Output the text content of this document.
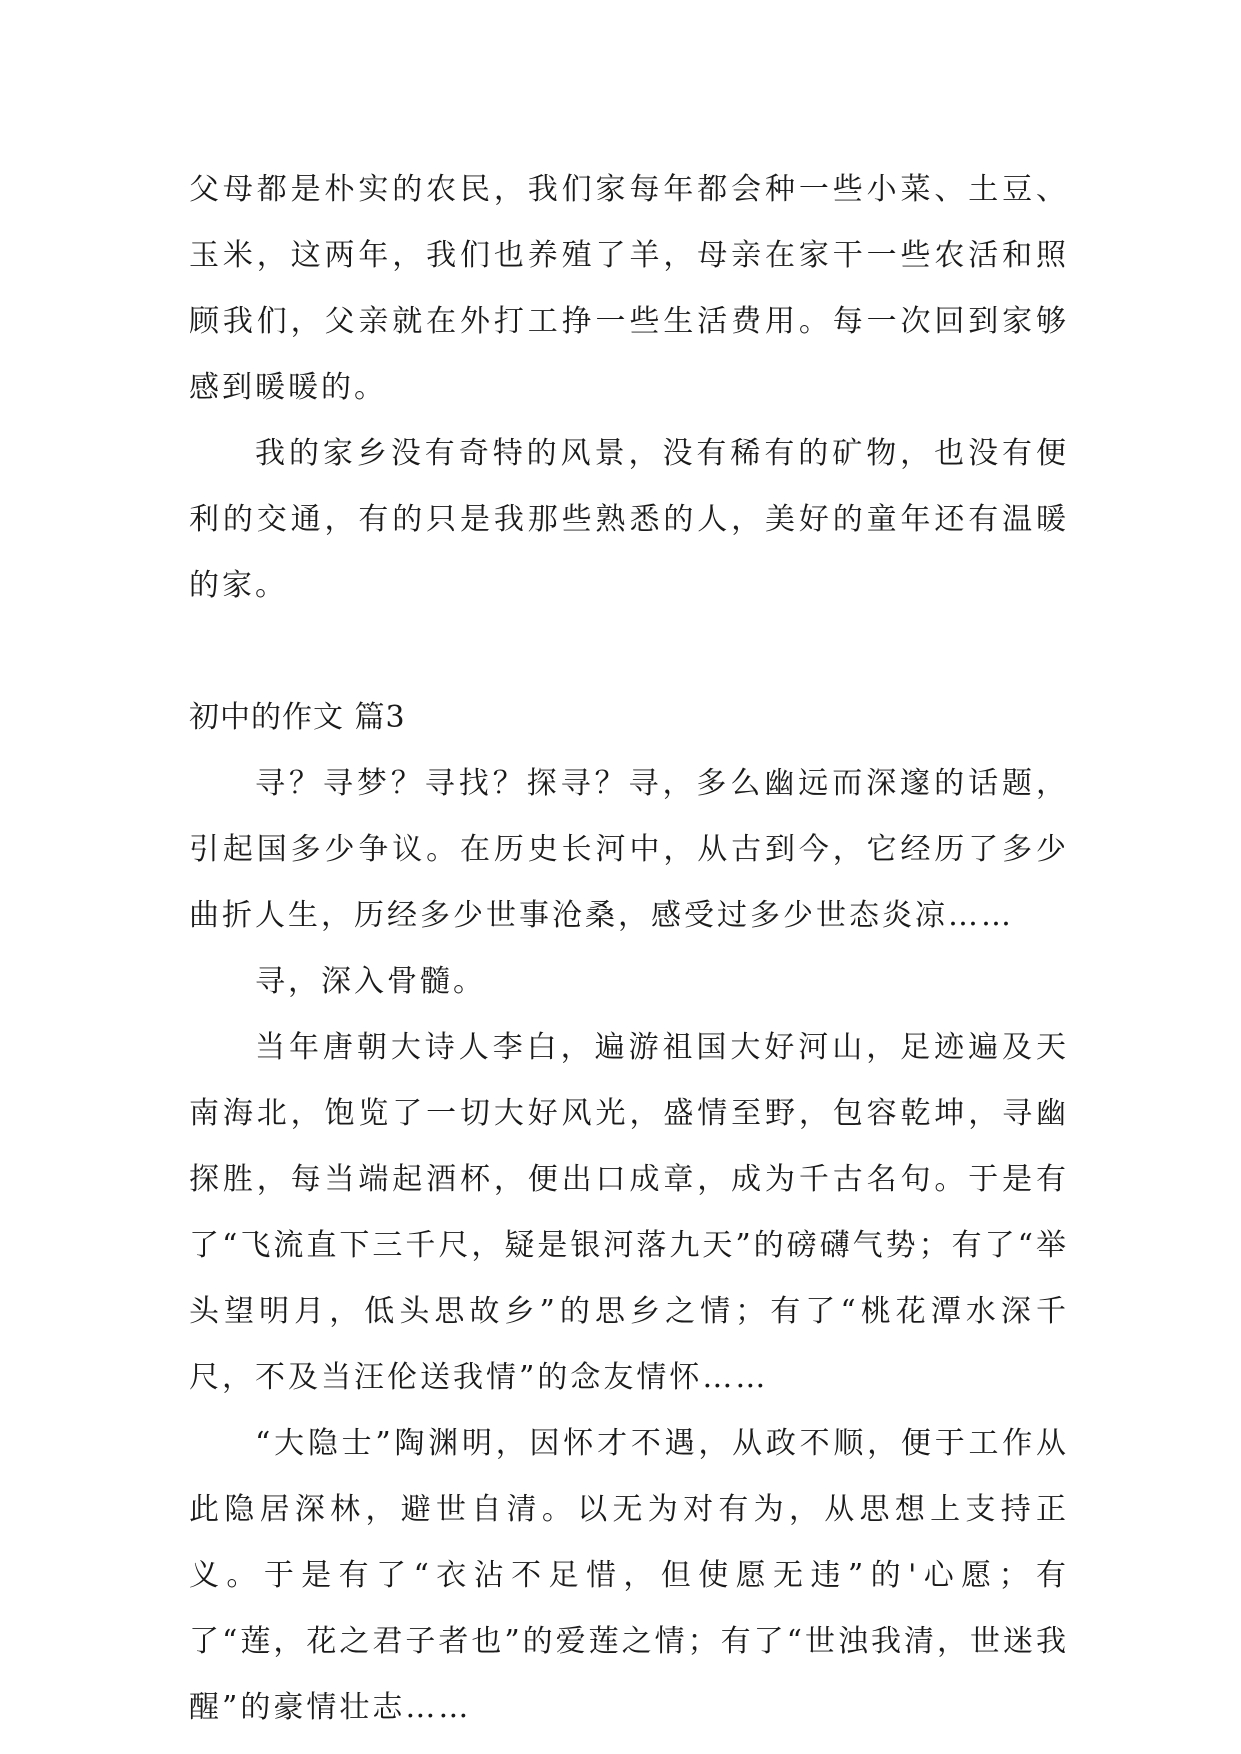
父母都是朴实的农民，我们家每年都会种一些小菜、土豆、玉米，这两年，我们也养殖了羊，母亲在家干一些农活和照顾我们，父亲就在外打工挣一些生活费用。每一次回到家够感到暖暖的。

我的家乡没有奇特的风景，没有稀有的矿物，也没有便利的交通，有的只是我那些熟悉的人，美好的童年还有温暖的家。

初中的作文 篇3

寻？寻梦？寻找？探寻？寻，多么幽远而深邃的话题，引起国多少争议。在历史长河中，从古到今，它经历了多少曲折人生，历经多少世事沧桑，感受过多少世态炎凉……

寻，深入骨髓。

当年唐朝大诗人李白，遍游祖国大好河山，足迹遍及天南海北，饱览了一切大好风光，盛情至野，包容乾坤，寻幽探胜，每当端起酒杯，便出口成章，成为千古名句。于是有了“飞流直下三千尺，疑是银河落九天”的磅礴气势；有了“举头望明月，低头思故乡”的思乡之情；有了“桃花潭水深千尺，不及当汪伦送我情”的念友情怀……

“大隐士”陶渊明，因怀才不遇，从政不顺，便于工作从此隐居深林，避世自清。以无为对有为，从思想上支持正义。于是有了“衣沾不足惜，但使愿无违”的'心愿；有了“莲，花之君子者也”的爱莲之情；有了“世浊我清，世迷我醒”的豪情壮志……
